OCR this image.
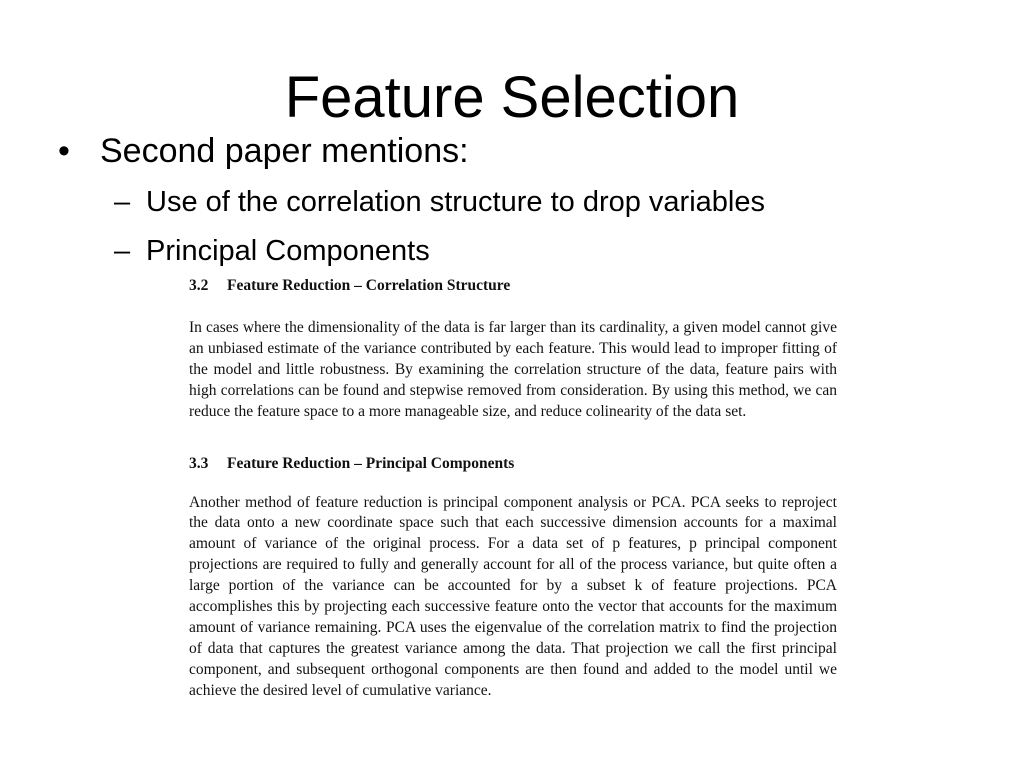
Feature Selection
• Second paper mentions:
– Use of the correlation structure to drop variables
– Principal Components

3.2 Feature Reduction – Correlation Structure

In cases where the dimensionality of the data is far larger than its cardinality, a given model cannot give an unbiased estimate of the variance contributed by each feature. This would lead to improper fitting of the model and little robustness. By examining the correlation structure of the data, feature pairs with high correlations can be found and stepwise removed from consideration. By using this method, we can reduce the feature space to a more manageable size, and reduce colinearity of the data set.

3.3 Feature Reduction – Principal Components

Another method of feature reduction is principal component analysis or PCA. PCA seeks to reproject the data onto a new coordinate space such that each successive dimension accounts for a maximal amount of variance of the original process. For a data set of p features, p principal component projections are required to fully and generally account for all of the process variance, but quite often a large portion of the variance can be accounted for by a subset k of feature projections. PCA accomplishes this by projecting each successive feature onto the vector that accounts for the maximum amount of variance remaining. PCA uses the eigenvalue of the correlation matrix to find the projection of data that captures the greatest variance among the data. That projection we call the first principal component, and subsequent orthogonal components are then found and added to the model until we achieve the desired level of cumulative variance.
